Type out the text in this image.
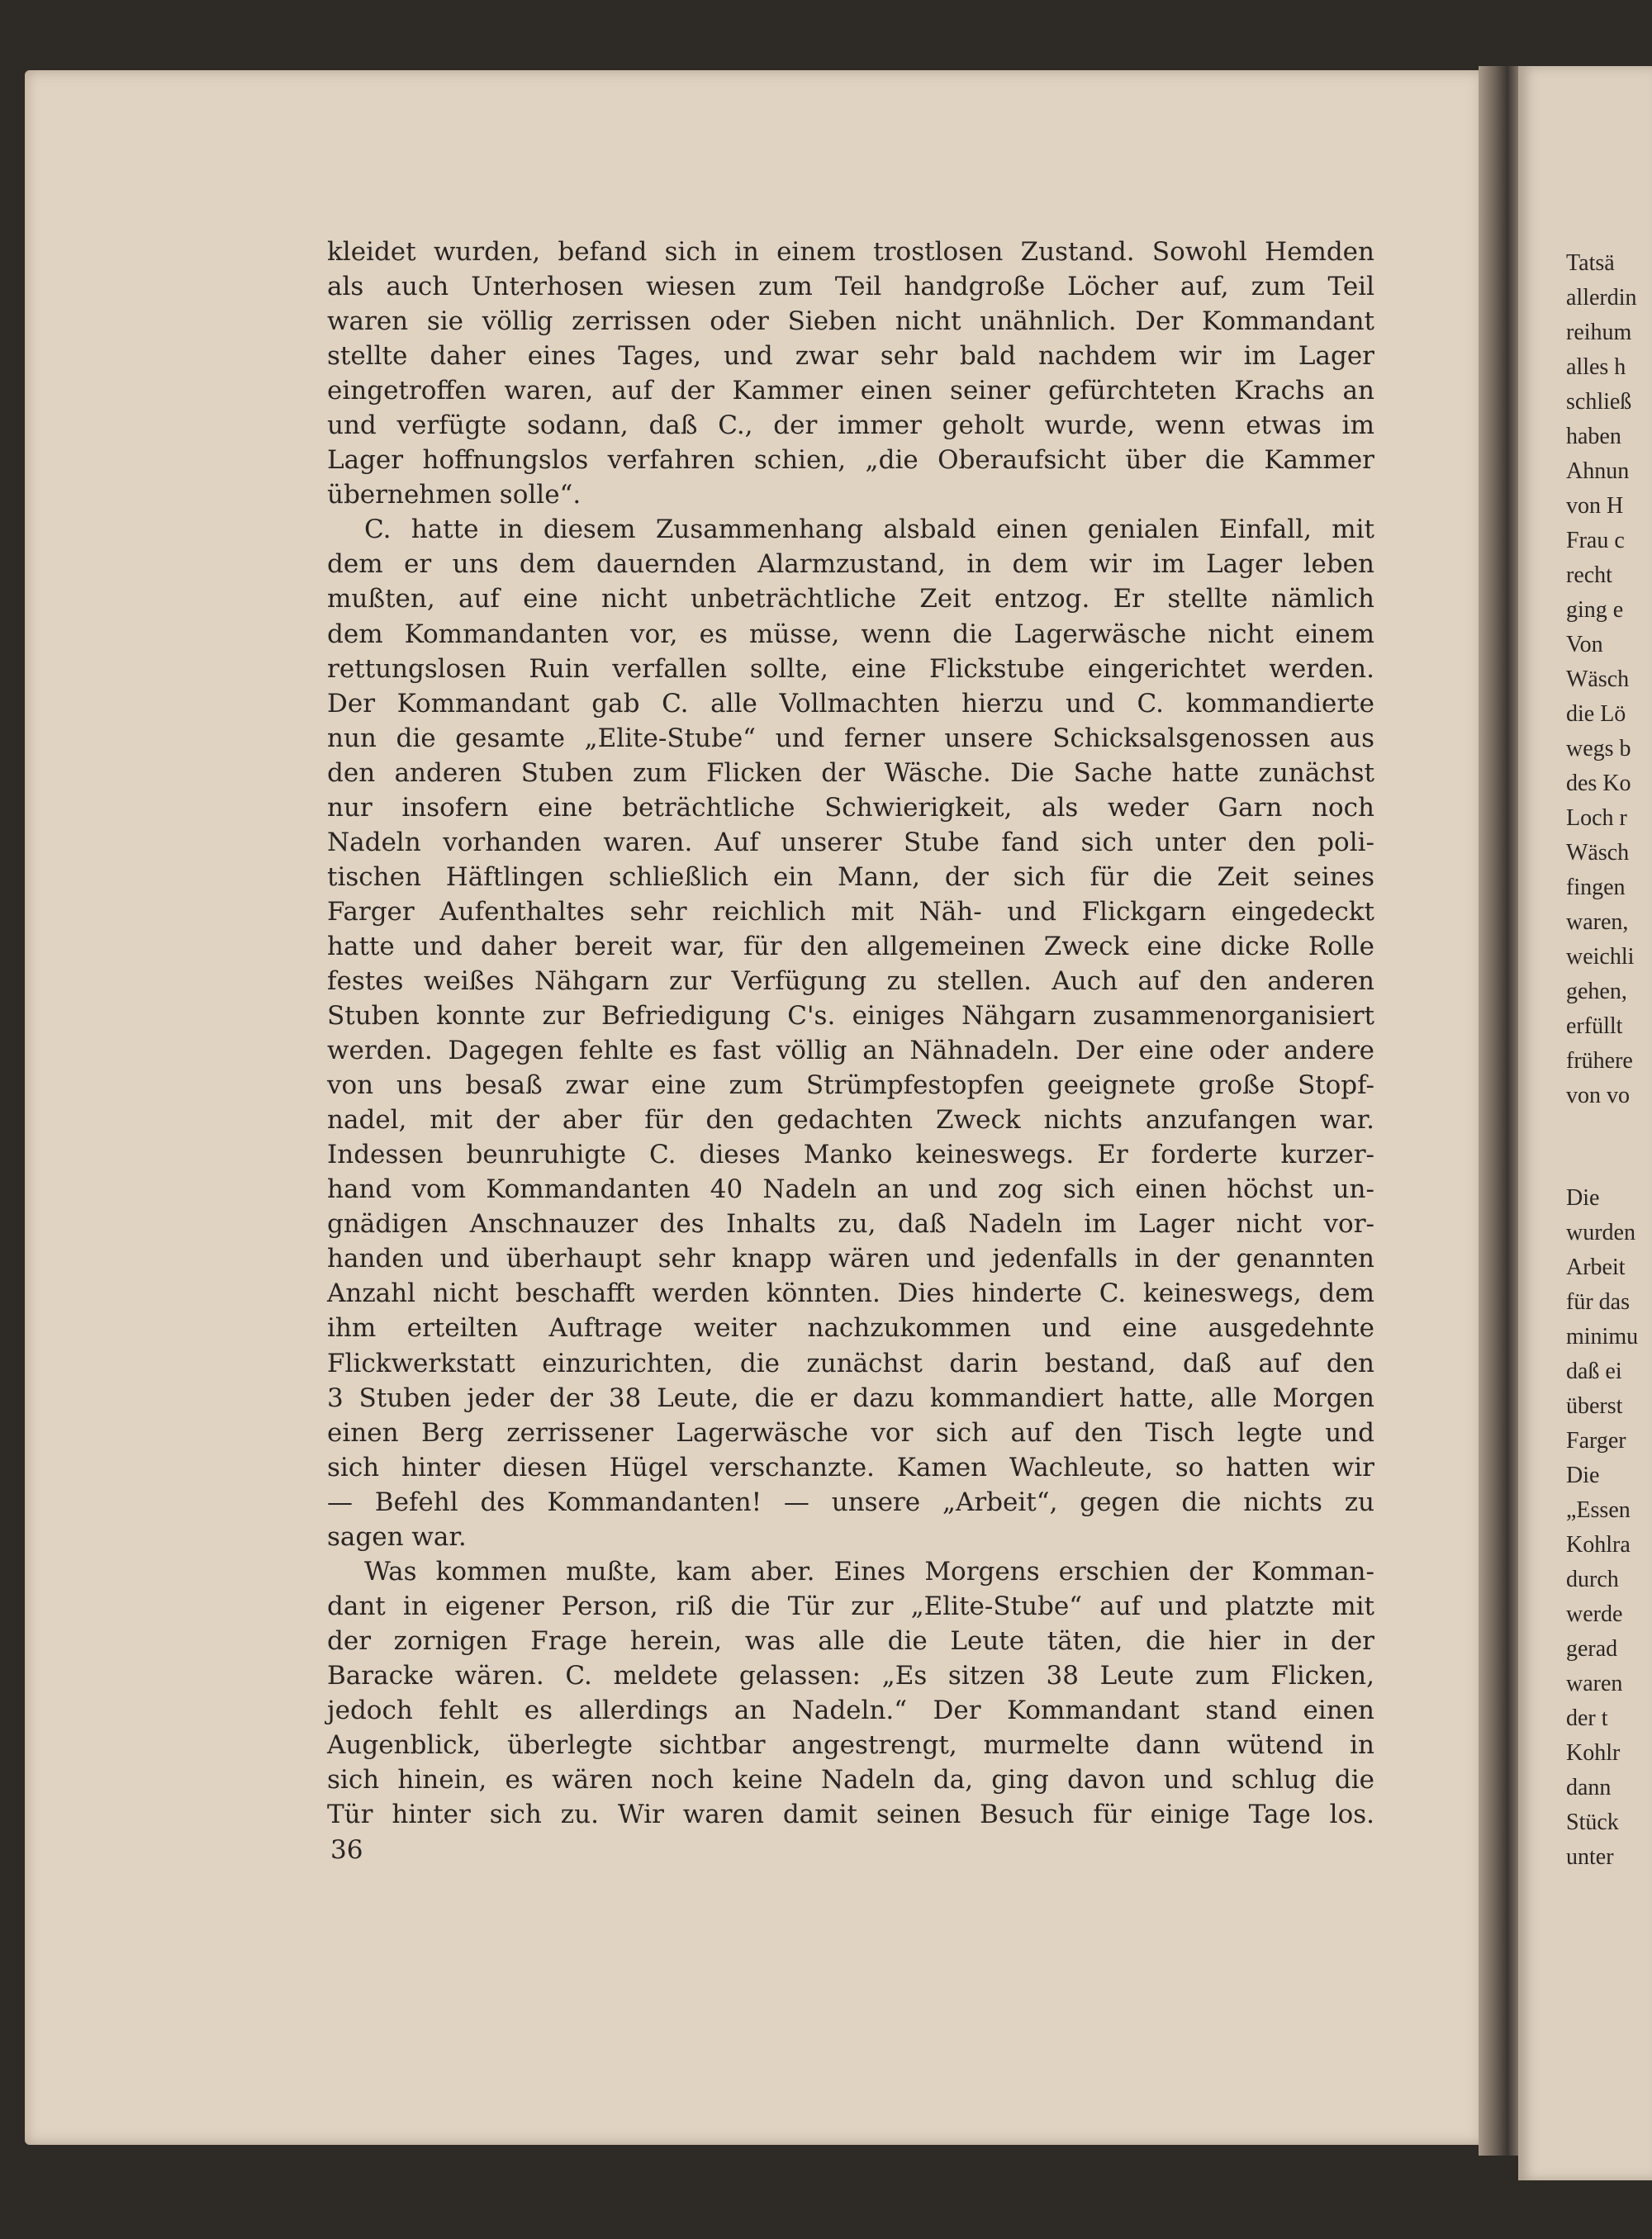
kleidet wurden, befand sich in einem trostlosen Zustand. Sowohl Hemden

als auch Unterhosen wiesen zum Teil handgroße Löcher auf, zum Teil

waren sie völlig zerrissen oder Sieben nicht unähnlich. Der Kommandant

stellte daher eines Tages, und zwar sehr bald nachdem wir im Lager

eingetroffen waren, auf der Kammer einen seiner gefürchteten Krachs an

und verfügte sodann, daß C., der immer geholt wurde, wenn etwas im

Lager hoffnungslos verfahren schien, „die Oberaufsicht über die Kammer

übernehmen solle“.

C. hatte in diesem Zusammenhang alsbald einen genialen Einfall, mit

dem er uns dem dauernden Alarmzustand, in dem wir im Lager leben

mußten, auf eine nicht unbeträchtliche Zeit entzog. Er stellte nämlich

dem Kommandanten vor, es müsse, wenn die Lagerwäsche nicht einem

rettungslosen Ruin verfallen sollte, eine Flickstube eingerichtet werden.

Der Kommandant gab C. alle Vollmachten hierzu und C. kommandierte

nun die gesamte „Elite-Stube“ und ferner unsere Schicksalsgenossen aus

den anderen Stuben zum Flicken der Wäsche. Die Sache hatte zunächst

nur insofern eine beträchtliche Schwierigkeit, als weder Garn noch

Nadeln vorhanden waren. Auf unserer Stube fand sich unter den poli-

tischen Häftlingen schließlich ein Mann, der sich für die Zeit seines

Farger Aufenthaltes sehr reichlich mit Näh- und Flickgarn eingedeckt

hatte und daher bereit war, für den allgemeinen Zweck eine dicke Rolle

festes weißes Nähgarn zur Verfügung zu stellen. Auch auf den anderen

Stuben konnte zur Befriedigung C's. einiges Nähgarn zusammenorganisiert

werden. Dagegen fehlte es fast völlig an Nähnadeln. Der eine oder andere

von uns besaß zwar eine zum Strümpfestopfen geeignete große Stopf-

nadel, mit der aber für den gedachten Zweck nichts anzufangen war.

Indessen beunruhigte C. dieses Manko keineswegs. Er forderte kurzer-

hand vom Kommandanten 40 Nadeln an und zog sich einen höchst un-

gnädigen Anschnauzer des Inhalts zu, daß Nadeln im Lager nicht vor-

handen und überhaupt sehr knapp wären und jedenfalls in der genannten

Anzahl nicht beschafft werden könnten. Dies hinderte C. keineswegs, dem

ihm erteilten Auftrage weiter nachzukommen und eine ausgedehnte

Flickwerkstatt einzurichten, die zunächst darin bestand, daß auf den

3 Stuben jeder der 38 Leute, die er dazu kommandiert hatte, alle Morgen

einen Berg zerrissener Lagerwäsche vor sich auf den Tisch legte und

sich hinter diesen Hügel verschanzte. Kamen Wachleute, so hatten wir

— Befehl des Kommandanten! — unsere „Arbeit“, gegen die nichts zu

sagen war.

Was kommen mußte, kam aber. Eines Morgens erschien der Komman-

dant in eigener Person, riß die Tür zur „Elite-Stube“ auf und platzte mit

der zornigen Frage herein, was alle die Leute täten, die hier in der

Baracke wären. C. meldete gelassen: „Es sitzen 38 Leute zum Flicken,

jedoch fehlt es allerdings an Nadeln.“ Der Kommandant stand einen

Augenblick, überlegte sichtbar angestrengt, murmelte dann wütend in

sich hinein, es wären noch keine Nadeln da, ging davon und schlug die

Tür hinter sich zu. Wir waren damit seinen Besuch für einige Tage los.

36
Tatsä
allerdin
reihum
alles h
schließ
haben
Ahnun
von H
Frau c
recht
ging e
Von
Wäsch
die Lö
wegs b
des Ko
Loch r
Wäsch
fingen
waren,
weichli
gehen,
erfüllt
frühere
von vo
Die
wurden
Arbeit
für das
minimu
daß ei
überst
Farger
Die
„Essen
Kohlra
durch
werde
gerad
waren
der t
Kohlr
dann
Stück
unter
